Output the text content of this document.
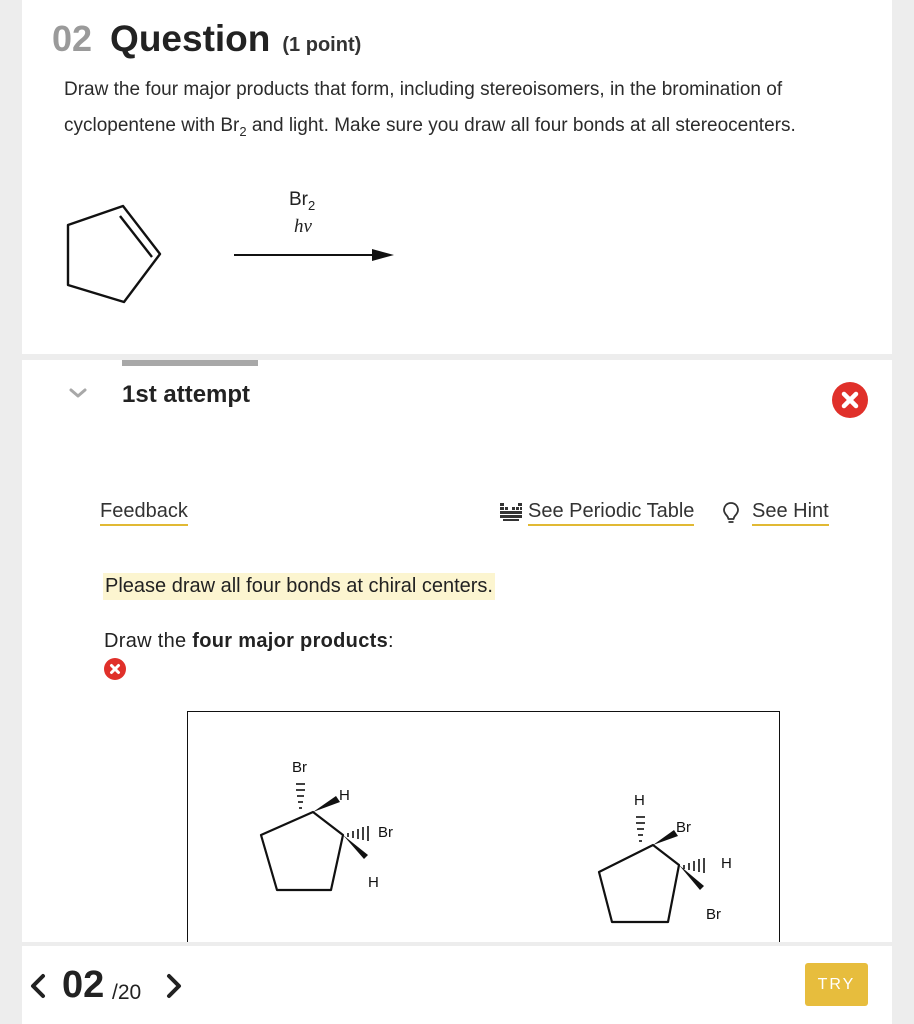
02 Question (1 point)
Draw the four major products that form, including stereoisomers, in the bromination of cyclopentene with $Br_2$ and light. Make sure you draw all four bonds at all stereocenters.
$Br_2$
hν
1st attempt
Feedback	See Periodic Table	See Hint
Please draw all four bonds at chiral centers.
Draw the four major products:
Br
H
Br
H
H
Br
H
Br
02 /20	TRY
